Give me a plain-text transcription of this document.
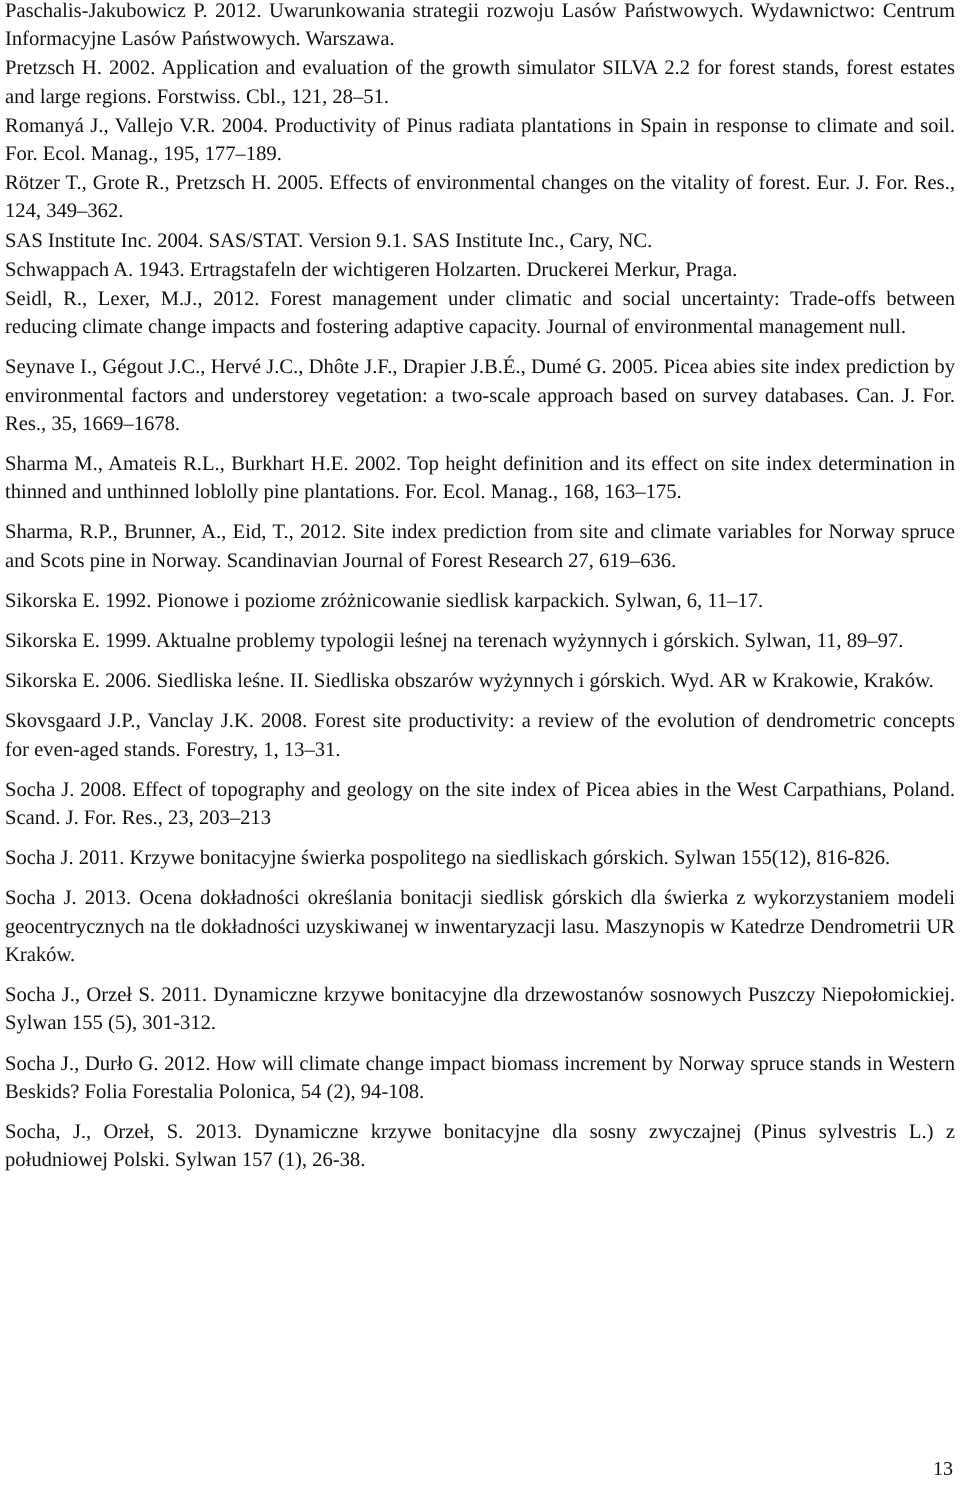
Paschalis-Jakubowicz P. 2012. Uwarunkowania strategii rozwoju Lasów Państwowych. Wydawnictwo: Centrum Informacyjne Lasów Państwowych. Warszawa.

Pretzsch H. 2002. Application and evaluation of the growth simulator SILVA 2.2 for forest stands, forest estates and large regions. Forstwiss. Cbl., 121, 28–51.

Romanyá J., Vallejo V.R. 2004. Productivity of Pinus radiata plantations in Spain in response to climate and soil. For. Ecol. Manag., 195, 177–189.

Rötzer T., Grote R., Pretzsch H. 2005. Effects of environmental changes on the vitality of forest. Eur. J. For. Res., 124, 349–362.

SAS Institute Inc. 2004. SAS/STAT. Version 9.1. SAS Institute Inc., Cary, NC.

Schwappach A. 1943. Ertragstafeln der wichtigeren Holzarten. Druckerei Merkur, Praga.

Seidl, R., Lexer, M.J., 2012. Forest management under climatic and social uncertainty: Trade-offs between reducing climate change impacts and fostering adaptive capacity. Journal of environmental management null.

Seynave I., Gégout J.C., Hervé J.C., Dhôte J.F., Drapier J.B.É., Dumé G. 2005. Picea abies site index prediction by environmental factors and understorey vegetation: a two-scale approach based on survey databases. Can. J. For. Res., 35, 1669–1678.

Sharma M., Amateis R.L., Burkhart H.E. 2002. Top height definition and its effect on site index determination in thinned and unthinned loblolly pine plantations. For. Ecol. Manag., 168, 163–175.

Sharma, R.P., Brunner, A., Eid, T., 2012. Site index prediction from site and climate variables for Norway spruce and Scots pine in Norway. Scandinavian Journal of Forest Research 27, 619–636.

Sikorska E. 1992. Pionowe i poziome zróżnicowanie siedlisk karpackich. Sylwan, 6, 11–17.

Sikorska E. 1999. Aktualne problemy typologii leśnej na terenach wyżynnych i górskich. Sylwan, 11, 89–97.

Sikorska E. 2006. Siedliska leśne. II. Siedliska obszarów wyżynnych i górskich. Wyd. AR w Krakowie, Kraków.

Skovsgaard J.P., Vanclay J.K. 2008. Forest site productivity: a review of the evolution of dendrometric concepts for even-aged stands. Forestry, 1, 13–31.

Socha J. 2008. Effect of topography and geology on the site index of Picea abies in the West Carpathians, Poland. Scand. J. For. Res., 23, 203–213

Socha J. 2011. Krzywe bonitacyjne świerka pospolitego na siedliskach górskich. Sylwan 155(12), 816-826.

Socha J. 2013. Ocena dokładności określania bonitacji siedlisk górskich dla świerka z wykorzystaniem modeli geocentrycznych na tle dokładności uzyskiwanej w inwentaryzacji lasu. Maszynopis w Katedrze Dendrometrii UR Kraków.

Socha J., Orzeł S. 2011. Dynamiczne krzywe bonitacyjne dla drzewostanów sosnowych Puszczy Niepołomickiej. Sylwan 155 (5), 301-312.

Socha J., Durło G. 2012. How will climate change impact biomass increment by Norway spruce stands in Western Beskids? Folia Forestalia Polonica, 54 (2), 94-108.

Socha, J., Orzeł, S. 2013. Dynamiczne krzywe bonitacyjne dla sosny zwyczajnej (Pinus sylvestris L.) z południowej Polski. Sylwan 157 (1), 26-38.

13
